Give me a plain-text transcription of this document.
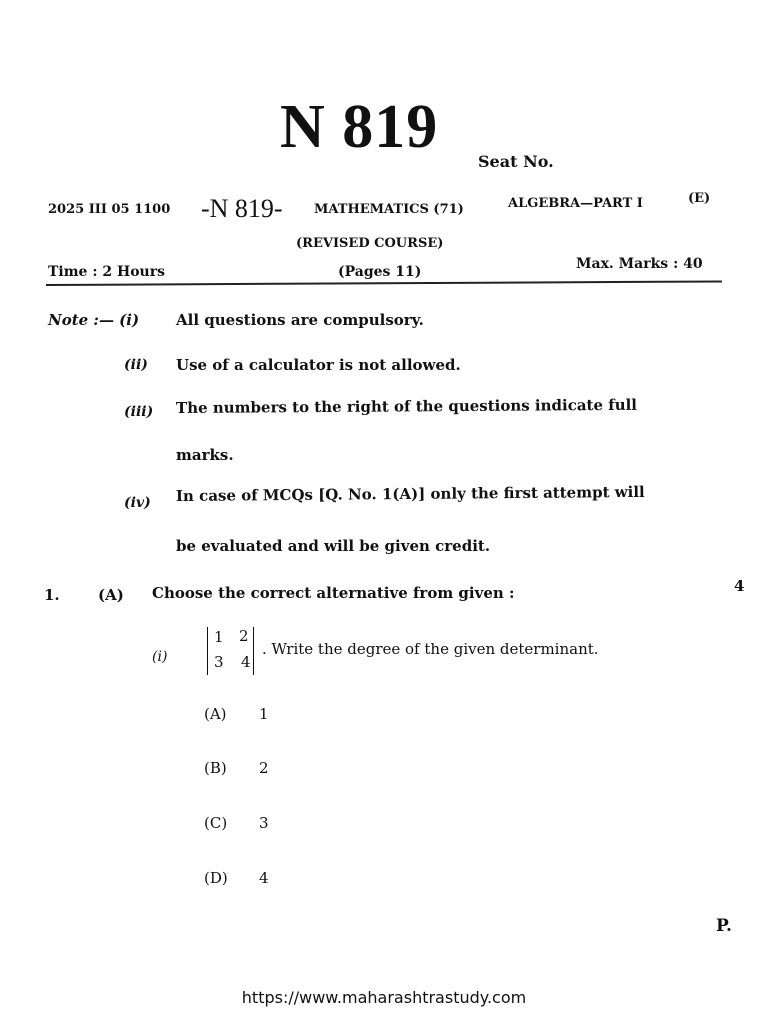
N 819
Seat No.
2025 III 05 1100 -N 819- MATHEMATICS (71)	ALGEBRA—PART I	(E)
(REVISED COURSE)
Time : 2 Hours	(Pages 11)	Max. Marks : 40
Note :— (i) All questions are compulsory.
(ii) Use of a calculator is not allowed.
(iii) The numbers to the right of the questions indicate full
marks.
(iv) In case of MCQs [Q. No. 1(A)] only the first attempt will
be evaluated and will be given credit.
1.	(A) Choose the correct alternative from given :	4
(i)
1 2
3 4
. Write the degree of the given determinant.
(A) 1
(B) 2
(C) 3
(D) 4
P.
https://www.maharashtrastudy.com
